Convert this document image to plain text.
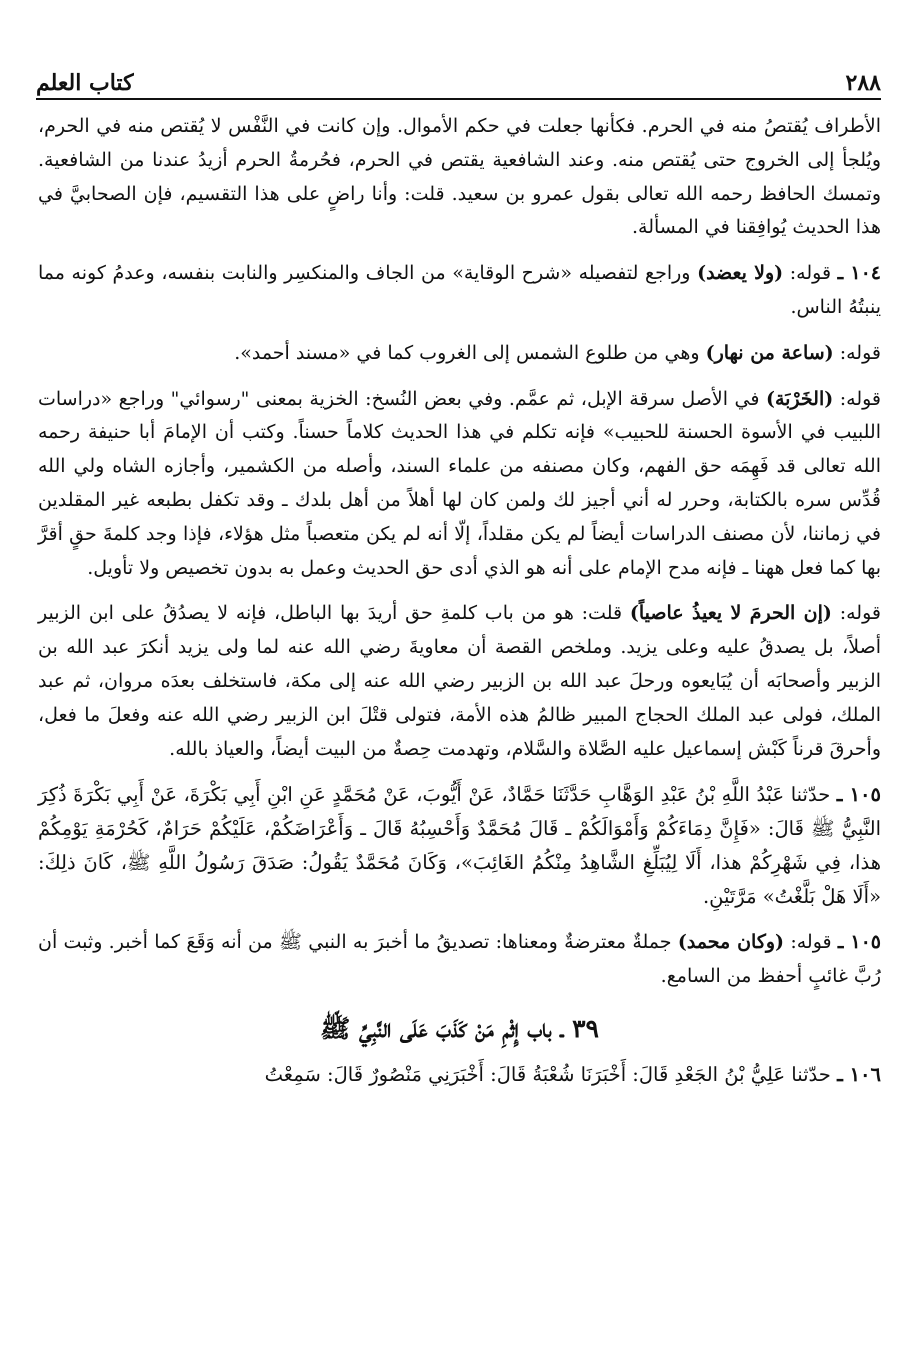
٢٨٨
كتاب العلم

الأطراف يُقتصُ منه في الحرم. فكأنها جعلت في حكم الأموال. وإن كانت في النَّفْس لا يُقتص منه في الحرم، ويُلجأ إلى الخروج حتى يُقتص منه. وعند الشافعية يقتص في الحرم، فحُرمةُ الحرم أزيدُ عندنا من الشافعية. وتمسك الحافظ رحمه الله تعالى بقول عمرو بن سعيد. قلت: وأنا راضٍ على هذا التقسيم، فإن الصحابيَّ في هذا الحديث يُوافِقنا في المسألة.

١٠٤ ـ قوله: (ولا يعضد) وراجع لتفصيله «شرح الوقاية» من الجاف والمنكسِر والنابت بنفسه، وعدمُ كونه مما ينبتُهُ الناس.

قوله: (ساعة من نهار) وهي من طلوع الشمس إلى الغروب كما في «مسند أحمد».

قوله: (الخَرْبَة) في الأصل سرقة الإبل، ثم عمَّم. وفي بعض النُسخ: الخزية بمعنى "رسوائي" وراجع «دراسات اللبيب في الأسوة الحسنة للحبيب» فإنه تكلم في هذا الحديث كلاماً حسناً. وكتب أن الإمامَ أبا حنيفة رحمه الله تعالى قد فَهِمَه حق الفهم، وكان مصنفه من علماء السند، وأصله من الكشمير، وأجازه الشاه ولي الله قُدِّس سره بالكتابة، وحرر له أني أجيز لك ولمن كان لها أهلاً من أهل بلدك ـ وقد تكفل بطبعه غير المقلدين في زماننا، لأن مصنف الدراسات أيضاً لم يكن مقلداً، إلّا أنه لم يكن متعصباً مثل هؤلاء، فإذا وجد كلمةَ حقٍ أقرَّ بها كما فعل ههنا ـ فإنه مدح الإمام على أنه هو الذي أدى حق الحديث وعمل به بدون تخصيص ولا تأويل.

قوله: (إن الحرمَ لا يعيذُ عاصياً) قلت: هو من باب كلمةِ حق أريدَ بها الباطل، فإنه لا يصدُقُ على ابن الزبير أصلاً، بل يصدقُ عليه وعلى يزيد. وملخص القصة أن معاويةَ رضي الله عنه لما ولى يزيد أنكرَ عبد الله بن الزبير وأصحابَه أن يُبَايعوه ورحلَ عبد الله بن الزبير رضي الله عنه إلى مكة، فاستخلف بعدَه مروان، ثم عبد الملك، فولى عبد الملك الحجاج المبير ظالمُ هذه الأمة، فتولى قتْلَ ابن الزبير رضي الله عنه وفعلَ ما فعل، وأحرقَ قرناً كَبْش إسماعيل عليه الصَّلاة والسَّلام، وتهدمت حِصةٌ من البيت أيضاً، والعياذ بالله.

١٠٥ ـ حدّثنا عَبْدُ اللَّهِ بْنُ عَبْدِ الوَهَّابِ حَدَّثَنَا حَمَّادٌ، عَنْ أَيُّوبَ، عَنْ مُحَمَّدٍ عَنِ ابْنِ أَبِي بَكْرَةَ، عَنْ أَبِي بَكْرَةَ ذُكِرَ النَّبِيُّ ﷺ قَالَ: «فَإِنَّ دِمَاءَكُمْ وَأَمْوَالَكُمْ ـ قَالَ مُحَمَّدٌ وَأَحْسِبُهُ قَالَ ـ وَأَعْرَاضَكُمْ، عَلَيْكُمْ حَرَامٌ، كَحُرْمَةِ يَوْمِكُمْ هذا، فِي شَهْرِكُمْ هذا، أَلَا لِيُبَلِّغِ الشَّاهِدُ مِنْكُمُ الغَائِبَ»، وَكَانَ مُحَمَّدٌ يَقُولُ: صَدَقَ رَسُولُ اللَّهِ ﷺ، كَانَ ذلِكَ: «أَلَا هَلْ بَلَّغْتُ» مَرَّتَيْنِ.

١٠٥ ـ قوله: (وكان محمد) جملةٌ معترضةٌ ومعناها: تصديقُ ما أخبرَ به النبي ﷺ من أنه وَقَعَ كما أخبر. وثبت أن رُبَّ غائبٍ أحفظ من السامع.

٣٩ ـ باب إِثْمِ مَنْ كَذَبَ عَلَى النَّبِيِّ ﷺ

١٠٦ ـ حدّثنا عَلِيُّ بْنُ الجَعْدِ قَالَ: أَخْبَرَنَا شُعْبَةُ قَالَ: أَخْبَرَنِي مَنْصُورٌ قَالَ: سَمِعْتُ
